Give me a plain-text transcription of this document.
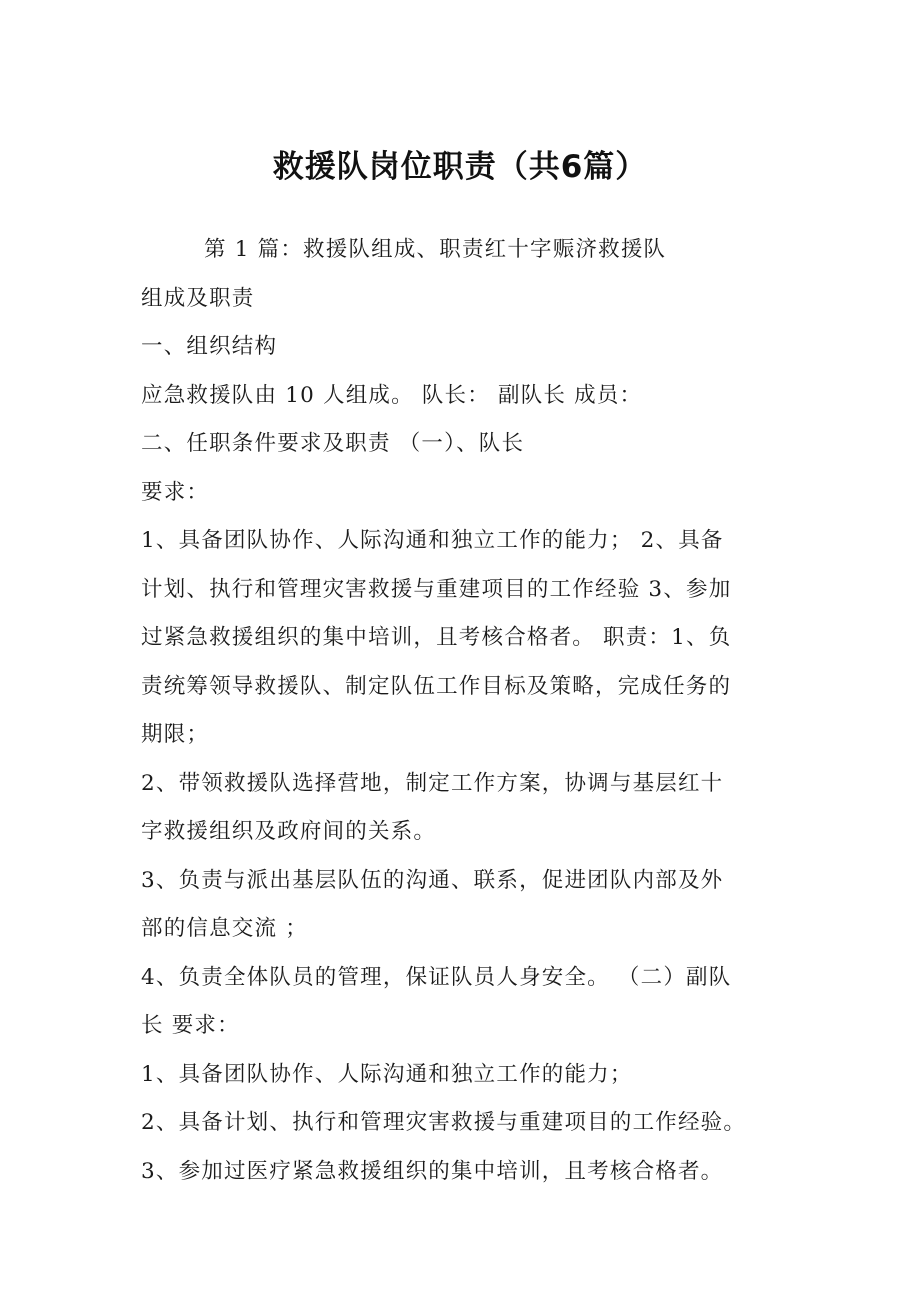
救援队岗位职责（共6篇）
第 1 篇：救援队组成、职责红十字赈济救援队
组成及职责
一、组织结构
应急救援队由 10 人组成。 队长： 副队长 成员：
二、任职条件要求及职责 （一）、队长
要求：
1、具备团队协作、人际沟通和独立工作的能力； 2、具备
计划、执行和管理灾害救援与重建项目的工作经验 3、参加
过紧急救援组织的集中培训，且考核合格者。 职责：1、负
责统筹领导救援队、制定队伍工作目标及策略，完成任务的
期限；
2、带领救援队选择营地，制定工作方案，协调与基层红十
字救援组织及政府间的关系。
3、负责与派出基层队伍的沟通、联系，促进团队内部及外
部的信息交流 ；
4、负责全体队员的管理，保证队员人身安全。 （二）副队
长 要求：
1、具备团队协作、人际沟通和独立工作的能力；
2、具备计划、执行和管理灾害救援与重建项目的工作经验。
3、参加过医疗紧急救援组织的集中培训，且考核合格者。
